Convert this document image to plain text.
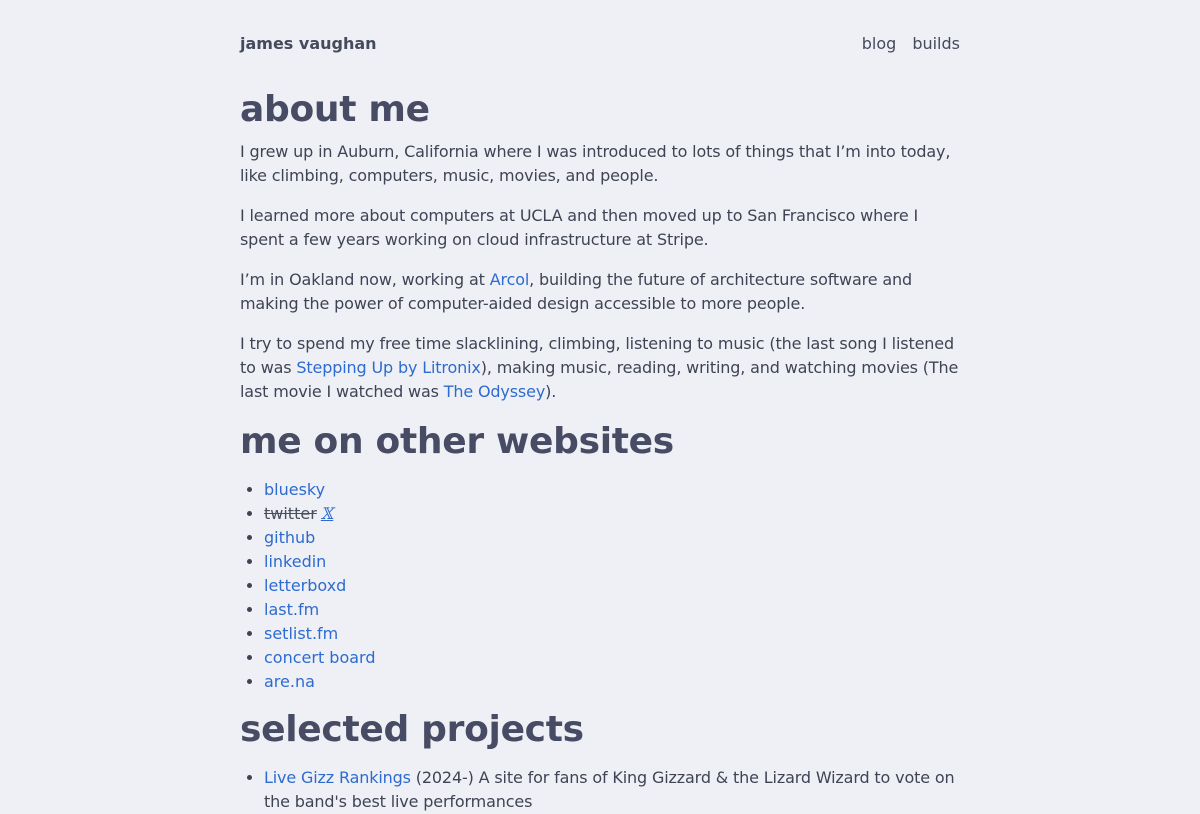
james vaughan	blog builds
about me

I grew up in Auburn, California where I was introduced to lots of things that I’m into today, like climbing, computers, music, movies, and people.

I learned more about computers at UCLA and then moved up to San Francisco where I spent a few years working on cloud infrastructure at Stripe.

I’m in Oakland now, working at Arcol, building the future of architecture software and making the power of computer-aided design accessible to more people.

I try to spend my free time slacklining, climbing, listening to music (the last song I listened to was Stepping Up by Litronix), making music, reading, writing, and watching movies (The last movie I watched was The Odyssey).

me on other websites
• bluesky
• twitter 𝕏
• github
• linkedin
• letterboxd
• last.fm
• setlist.fm
• concert board
• are.na
selected projects
• Live Gizz Rankings (2024-) A site for fans of King Gizzard & the Lizard Wizard to vote on the band's best live performances
